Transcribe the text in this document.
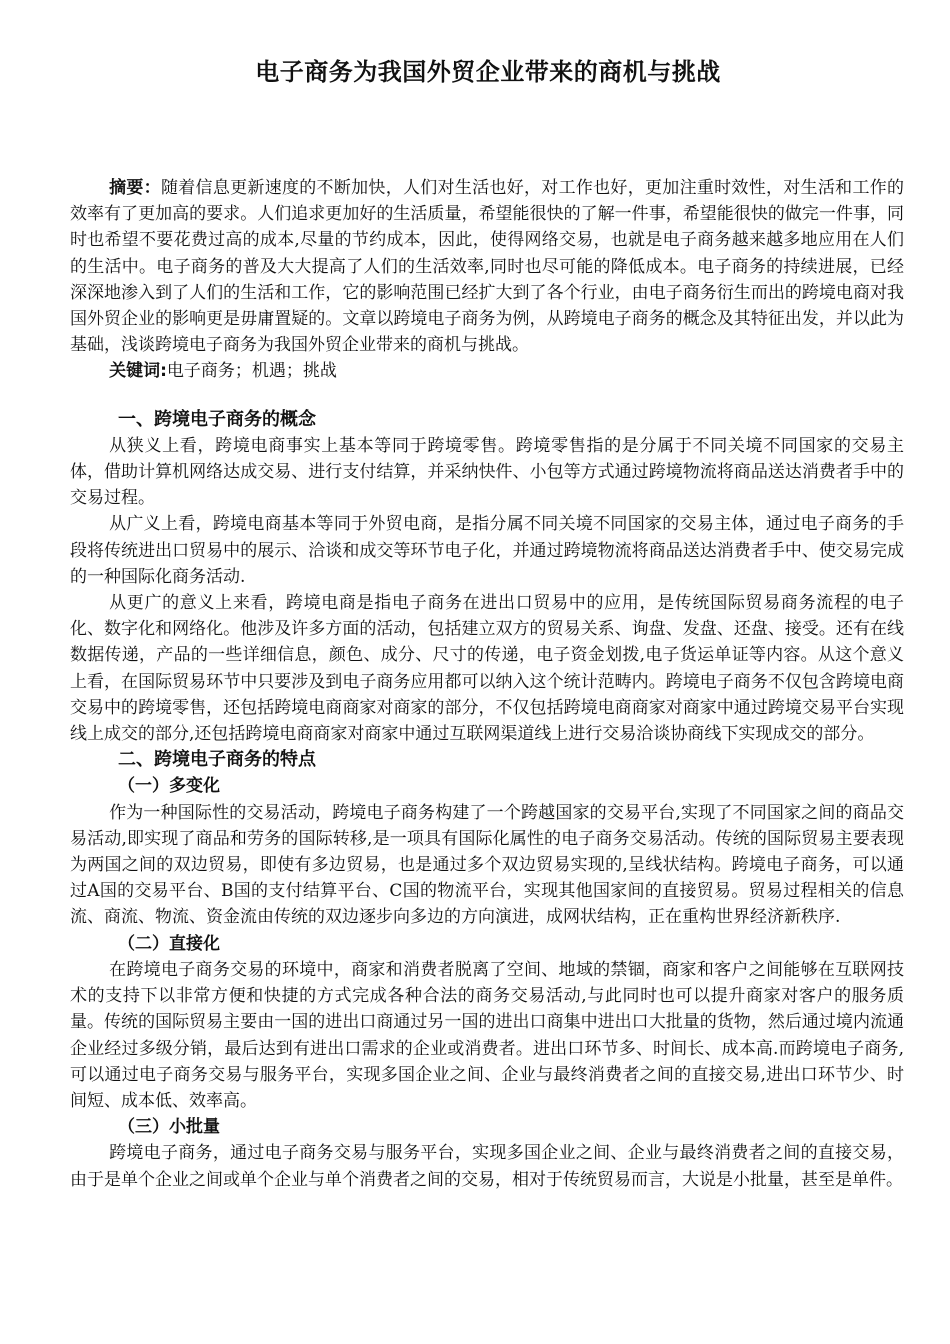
电子商务为我国外贸企业带来的商机与挑战

摘要：随着信息更新速度的不断加快，人们对生活也好，对工作也好，更加注重时效性，对生活和工作的效率有了更加高的要求。人们追求更加好的生活质量，希望能很快的了解一件事，希望能很快的做完一件事，同时也希望不要花费过高的成本,尽量的节约成本，因此，使得网络交易，也就是电子商务越来越多地应用在人们的生活中。电子商务的普及大大提高了人们的生活效率,同时也尽可能的降低成本。电子商务的持续进展，已经深深地渗入到了人们的生活和工作，它的影响范围已经扩大到了各个行业，由电子商务衍生而出的跨境电商对我国外贸企业的影响更是毋庸置疑的。文章以跨境电子商务为例，从跨境电子商务的概念及其特征出发，并以此为基础，浅谈跨境电子商务为我国外贸企业带来的商机与挑战。

关键词:电子商务；机遇；挑战

一、跨境电子商务的概念

从狭义上看，跨境电商事实上基本等同于跨境零售。跨境零售指的是分属于不同关境不同国家的交易主体，借助计算机网络达成交易、进行支付结算，并采纳快件、小包等方式通过跨境物流将商品送达消费者手中的交易过程。

从广义上看，跨境电商基本等同于外贸电商，是指分属不同关境不同国家的交易主体，通过电子商务的手段将传统进出口贸易中的展示、洽谈和成交等环节电子化，并通过跨境物流将商品送达消费者手中、使交易完成的一种国际化商务活动.

从更广的意义上来看，跨境电商是指电子商务在进出口贸易中的应用，是传统国际贸易商务流程的电子化、数字化和网络化。他涉及许多方面的活动，包括建立双方的贸易关系、询盘、发盘、还盘、接受。还有在线数据传递，产品的一些详细信息，颜色、成分、尺寸的传递，电子资金划拨,电子货运单证等内容。从这个意义上看，在国际贸易环节中只要涉及到电子商务应用都可以纳入这个统计范畴内。跨境电子商务不仅包含跨境电商交易中的跨境零售，还包括跨境电商商家对商家的部分，不仅包括跨境电商商家对商家中通过跨境交易平台实现线上成交的部分,还包括跨境电商商家对商家中通过互联网渠道线上进行交易洽谈协商线下实现成交的部分。

二、跨境电子商务的特点
（一）多变化

作为一种国际性的交易活动，跨境电子商务构建了一个跨越国家的交易平台,实现了不同国家之间的商品交易活动,即实现了商品和劳务的国际转移,是一项具有国际化属性的电子商务交易活动。传统的国际贸易主要表现为两国之间的双边贸易，即使有多边贸易，也是通过多个双边贸易实现的,呈线状结构。跨境电子商务，可以通过A国的交易平台、B国的支付结算平台、C国的物流平台，实现其他国家间的直接贸易。贸易过程相关的信息流、商流、物流、资金流由传统的双边逐步向多边的方向演进，成网状结构，正在重构世界经济新秩序.

（二）直接化

在跨境电子商务交易的环境中，商家和消费者脱离了空间、地域的禁锢，商家和客户之间能够在互联网技术的支持下以非常方便和快捷的方式完成各种合法的商务交易活动,与此同时也可以提升商家对客户的服务质量。传统的国际贸易主要由一国的进出口商通过另一国的进出口商集中进出口大批量的货物，然后通过境内流通企业经过多级分销，最后达到有进出口需求的企业或消费者。进出口环节多、时间长、成本高.而跨境电子商务,可以通过电子商务交易与服务平台，实现多国企业之间、企业与最终消费者之间的直接交易,进出口环节少、时间短、成本低、效率高。

（三）小批量

跨境电子商务，通过电子商务交易与服务平台，实现多国企业之间、企业与最终消费者之间的直接交易，由于是单个企业之间或单个企业与单个消费者之间的交易，相对于传统贸易而言，大说是小批量，甚至是单件。
